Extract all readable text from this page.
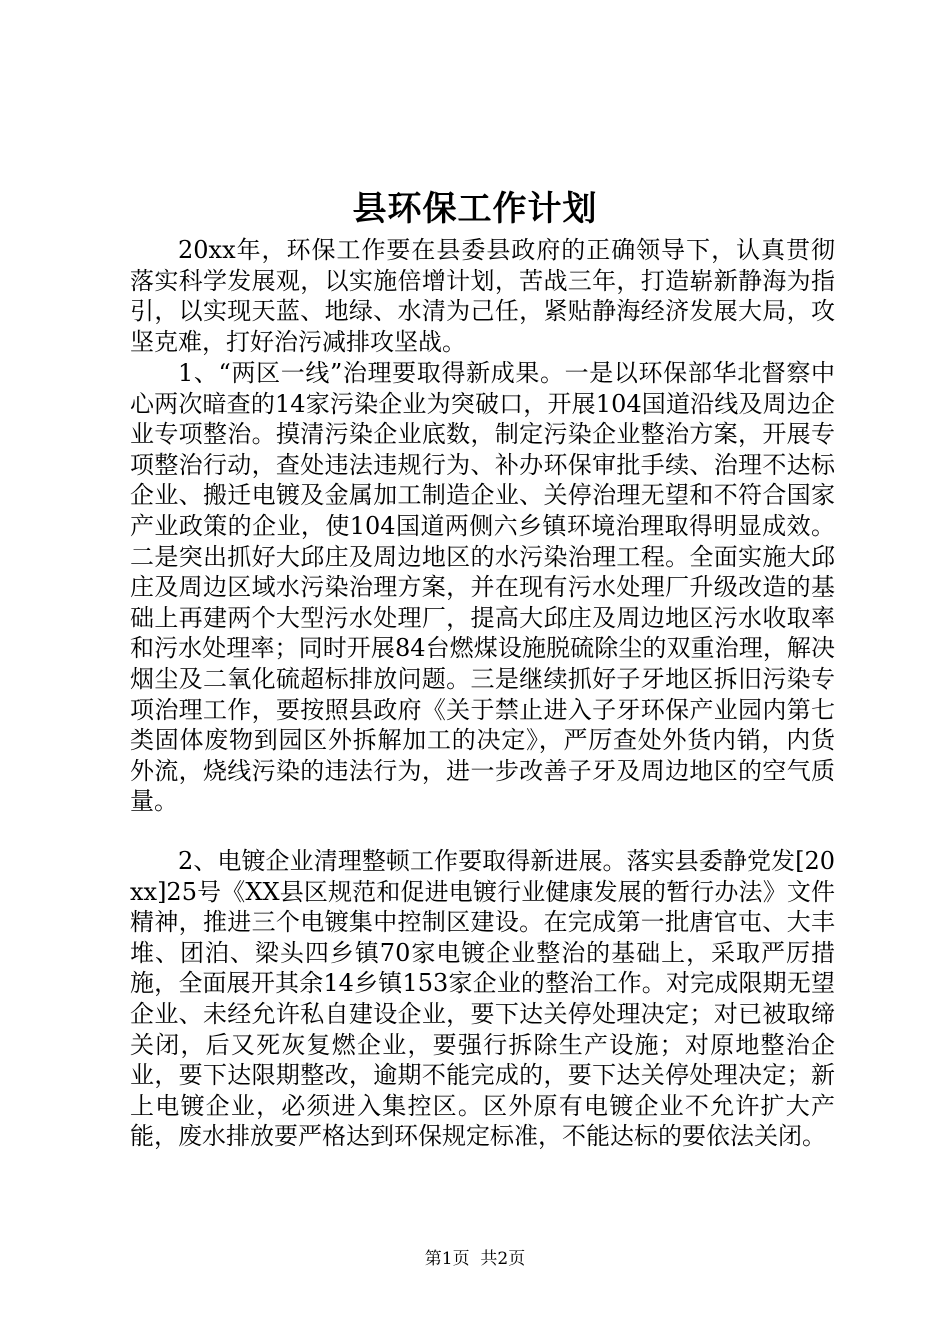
县环保工作计划

20xx年，环保工作要在县委县政府的正确领导下，认真贯彻落实科学发展观，以实施倍增计划，苦战三年，打造崭新静海为指引，以实现天蓝、地绿、水清为己任，紧贴静海经济发展大局，攻坚克难，打好治污减排攻坚战。

1、“两区一线”治理要取得新成果。一是以环保部华北督察中心两次暗查的14家污染企业为突破口，开展104国道沿线及周边企业专项整治。摸清污染企业底数，制定污染企业整治方案，开展专项整治行动，查处违法违规行为、补办环保审批手续、治理不达标企业、搬迁电镀及金属加工制造企业、关停治理无望和不符合国家产业政策的企业，使104国道两侧六乡镇环境治理取得明显成效。二是突出抓好大邱庄及周边地区的水污染治理工程。全面实施大邱庄及周边区域水污染治理方案，并在现有污水处理厂升级改造的基础上再建两个大型污水处理厂，提高大邱庄及周边地区污水收取率和污水处理率；同时开展84台燃煤设施脱硫除尘的双重治理，解决烟尘及二氧化硫超标排放问题。三是继续抓好子牙地区拆旧污染专项治理工作，要按照县政府《关于禁止进入子牙环保产业园内第七类固体废物到园区外拆解加工的决定》，严厉查处外货内销，内货外流，烧线污染的违法行为，进一步改善子牙及周边地区的空气质量。

2、电镀企业清理整顿工作要取得新进展。落实县委静党发[20xx]25号《XX县区规范和促进电镀行业健康发展的暂行办法》文件精神，推进三个电镀集中控制区建设。在完成第一批唐官屯、大丰堆、团泊、梁头四乡镇70家电镀企业整治的基础上，采取严厉措施，全面展开其余14乡镇153家企业的整治工作。对完成限期无望企业、未经允许私自建设企业，要下达关停处理决定；对已被取缔关闭，后又死灰复燃企业，要强行拆除生产设施；对原地整治企业，要下达限期整改，逾期不能完成的，要下达关停处理决定；新上电镀企业，必须进入集控区。区外原有电镀企业不允许扩大产能，废水排放要严格达到环保规定标准，不能达标的要依法关闭。

第1页  共2页
